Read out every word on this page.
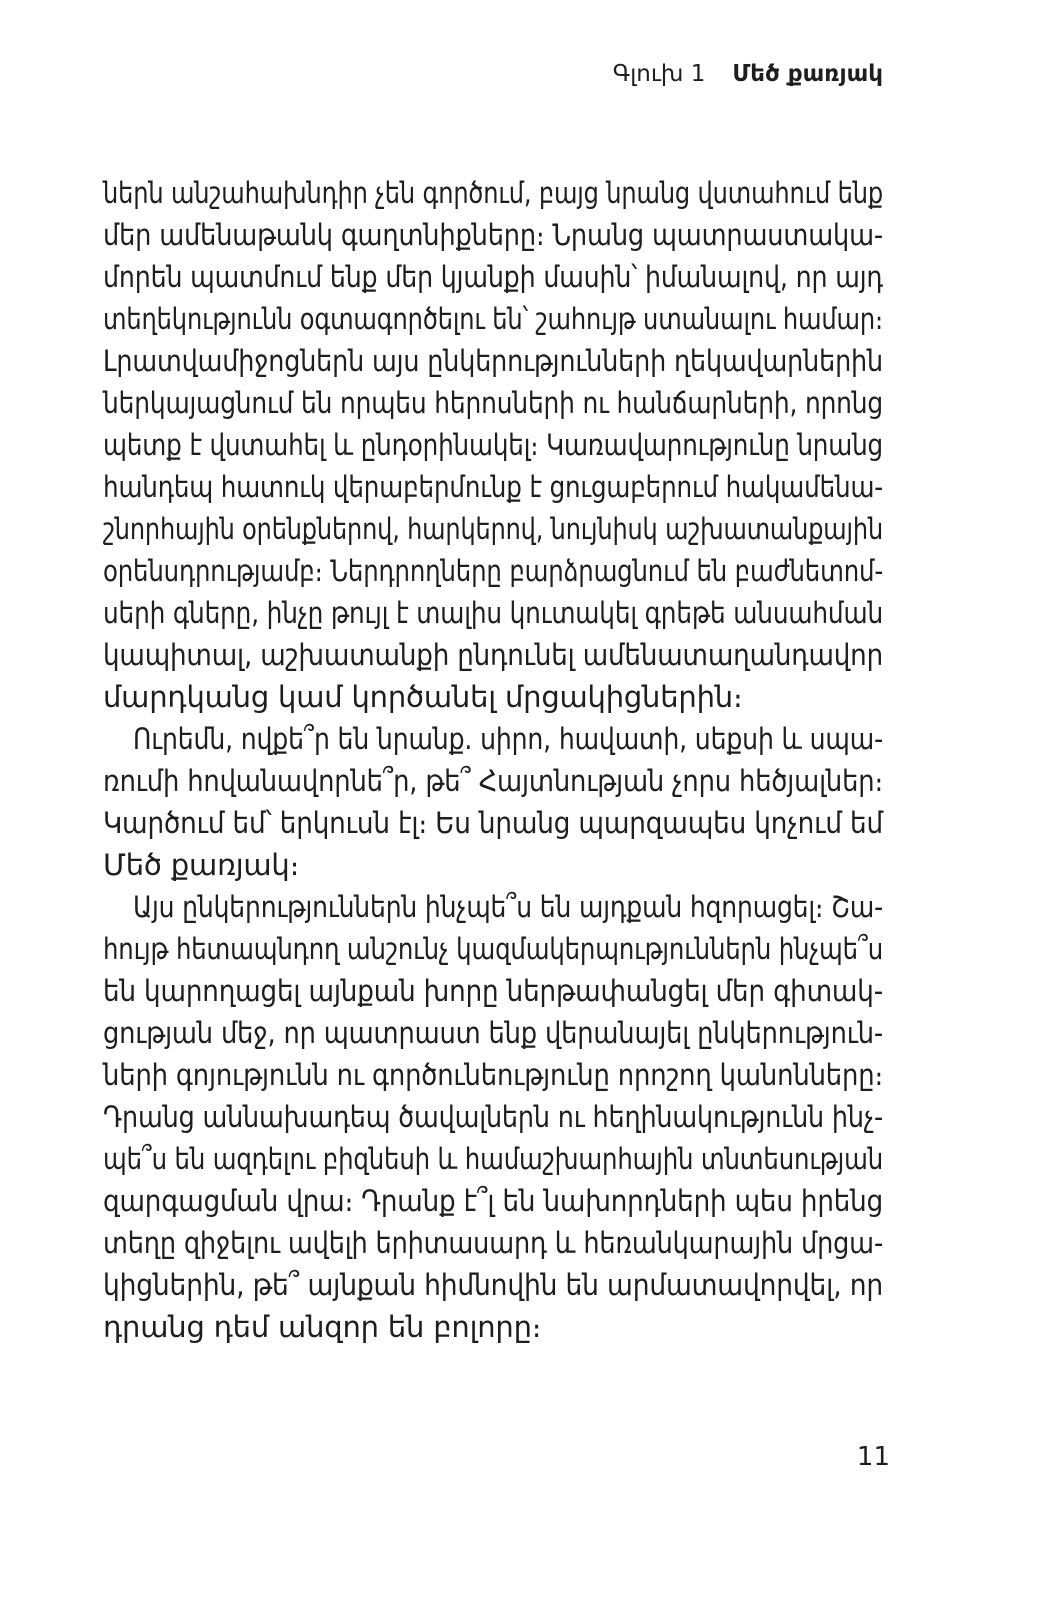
Գլուխ 1 Մեծ քառյակ
ներն անշահախնդիր չեն գործում, բայց նրանց վստահում ենք
մեր ամենաթանկ գաղտնիքները։ Նրանց պատրաստակա-
մորեն պատմում ենք մեր կյանքի մասին՝ իմանալով, որ այդ
տեղեկությունն օգտագործելու են՝ շահույթ ստանալու համար։
Լրատվամիջոցներն այս ընկերությունների ղեկավարներին
ներկայացնում են որպես հերոսների ու հանճարների, որոնց
պետք է վստահել և ընդօրինակել։ Կառավարությունը նրանց
հանդեպ հատուկ վերաբերմունք է ցուցաբերում հակամենա-
շնորհային օրենքներով, հարկերով, նույնիսկ աշխատանքային
օրենսդրությամբ։ Ներդրողները բարձրացնում են բաժնետոմ-
սերի գները, ինչը թույլ է տալիս կուտակել գրեթե անսահման
կապիտալ, աշխատանքի ընդունել ամենատաղանդավոր
մարդկանց կամ կործանել մրցակիցներին։
Ուրեմն, ովքե՞ր են նրանք. սիրո, հավատի, սեքսի և սպա-
ռումի հովանավորնե՞ր, թե՞ Հայտնության չորս հեծյալներ։
Կարծում եմ՝ երկուսն էլ։ Ես նրանց պարզապես կոչում եմ
Մեծ քառյակ։
Այս ընկերություններն ինչպե՞ս են այդքան հզորացել։ Շա-
հույթ հետապնդող անշունչ կազմակերպություններն ինչպե՞ս
են կարողացել այնքան խորը ներթափանցել մեր գիտակ-
ցության մեջ, որ պատրաստ ենք վերանայել ընկերություն-
ների գոյությունն ու գործունեությունը որոշող կանոնները։
Դրանց աննախադեպ ծավալներն ու հեղինակությունն ինչ-
պե՞ս են ազդելու բիզնեսի և համաշխարհային տնտեսության
զարգացման վրա։ Դրանք է՞լ են նախորդների պես իրենց
տեղը զիջելու ավելի երիտասարդ և հեռանկարային մրցա-
կիցներին, թե՞ այնքան հիմնովին են արմատավորվել, որ
դրանց դեմ անզոր են բոլորը։
11
